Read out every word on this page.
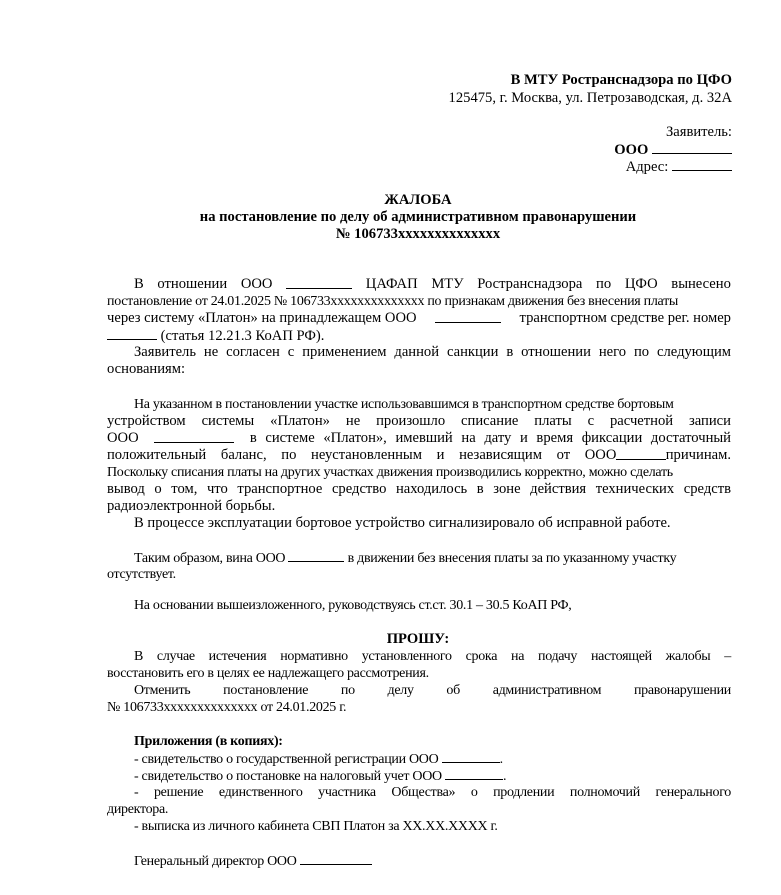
В МТУ Ространснадзора по ЦФО
125475, г. Москва, ул. Петрозаводская, д. 32А
Заявитель:
ООО
Адрес:
ЖАЛОБА
на постановление по делу об административном правонарушении
№ 106733xxxxxxxxxxxxxx
В отношении ООО	ЦАФАП МТУ Ространснадзора по ЦФО вынесено
постановление от 24.01.2025 № 106733xxxxxxxxxxxxxx по признакам движения без внесения платы
через системy «Платон» на принадлежащем ООО	транспортном средстве рег. номер
(статья 12.21.3 КоАП РФ).
Заявитель не согласен с применением данной санкции в отношении него по следующим
основаниям:
На указанном в постановлении участке использовавшимся в транспортном средстве бортовым
устройством системы «Платон» не произошло списание платы с расчетной записи
ООО	в системе «Платон», имевший на дату и время фиксации достаточный
положительный баланс, по неустановленным и независящим от ООО	причинам.
Поскольку списания платы на других участках движения производились корректно, можно сделать
вывод о том, что транспортное средство находилось в зоне действия технических средств
радиоэлектронной борьбы.
В процессе эксплуатации бортовое устройство сигнализировало об исправной работе.
Таким образом, вина ООО	в движении без внесения платы за по указанному участку
отсутствует.
На основании вышеизложенного, руководствуясь ст.ст. 30.1 – 30.5 КоАП РФ,
ПРОШУ:
В случае истечения нормативно установленного срока на подачу настоящей жалобы –
восстановить его в целях ее надлежащего рассмотрения.
Отменить постановление по делу об административном правонарушении
№ 106733xxxxxxxxxxxxxx от 24.01.2025 г.
Приложения (в копиях):
- свидетельство о государственной регистрации ООО	.
- свидетельство о постановке на налоговый учет ООО	.
- решение единственного участника Общества» о продлении полномочий генерального
директора.
- выписка из личного кабинета СВП Платон за XX.XX.XXXX г.
Генеральный директор ООО
